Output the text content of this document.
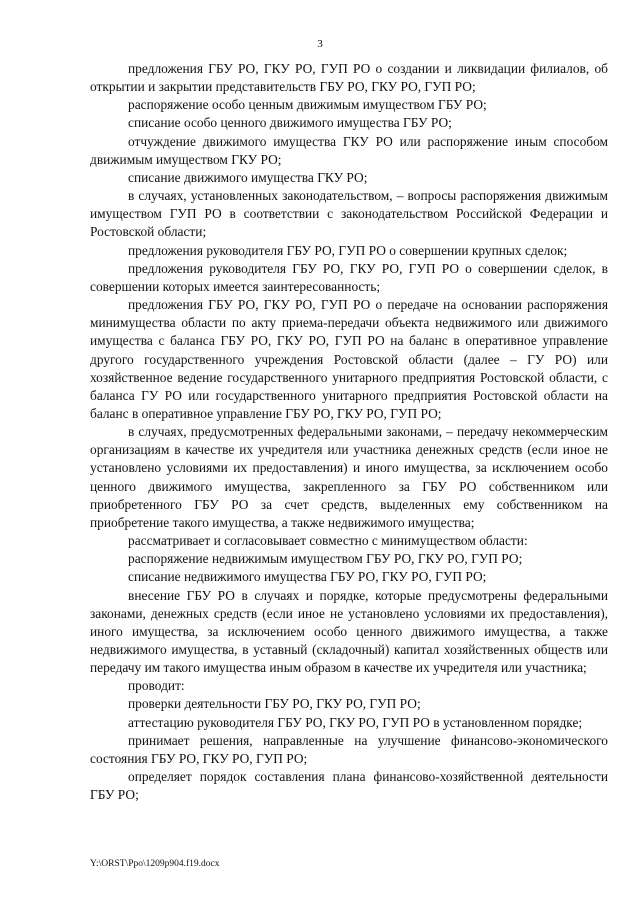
3

предложения ГБУ РО, ГКУ РО, ГУП РО о создании и ликвидации филиалов, об открытии и закрытии представительств ГБУ РО, ГКУ РО, ГУП РО;

распоряжение особо ценным движимым имуществом ГБУ РО;

списание особо ценного движимого имущества ГБУ РО;

отчуждение движимого имущества ГКУ РО или распоряжение иным способом движимым имуществом ГКУ РО;

списание движимого имущества ГКУ РО;

в случаях, установленных законодательством, – вопросы распоряжения движимым имуществом ГУП РО в соответствии с законодательством Российской Федерации и Ростовской области;

предложения руководителя ГБУ РО, ГУП РО о совершении крупных сделок;

предложения руководителя ГБУ РО, ГКУ РО, ГУП РО о совершении сделок, в совершении которых имеется заинтересованность;

предложения ГБУ РО, ГКУ РО, ГУП РО о передаче на основании распоряжения минимущества области по акту приема-передачи объекта недвижимого или движимого имущества с баланса ГБУ РО, ГКУ РО, ГУП РО на баланс в оперативное управление другого государственного учреждения Ростовской области (далее – ГУ РО) или хозяйственное ведение государственного унитарного предприятия Ростовской области, с баланса ГУ РО или государственного унитарного предприятия Ростовской области на баланс в оперативное управление ГБУ РО, ГКУ РО, ГУП РО;

в случаях, предусмотренных федеральными законами, – передачу некоммерческим организациям в качестве их учредителя или участника денежных средств (если иное не установлено условиями их предоставления) и иного имущества, за исключением особо ценного движимого имущества, закрепленного за ГБУ РО собственником или приобретенного ГБУ РО за счет средств, выделенных ему собственником на приобретение такого имущества, а также недвижимого имущества;

рассматривает и согласовывает совместно с минимуществом области:

распоряжение недвижимым имуществом ГБУ РО, ГКУ РО, ГУП РО;

списание недвижимого имущества ГБУ РО, ГКУ РО, ГУП РО;

внесение ГБУ РО в случаях и порядке, которые предусмотрены федеральными законами, денежных средств (если иное не установлено условиями их предоставления), иного имущества, за исключением особо ценного движимого имущества, а также недвижимого имущества, в уставный (складочный) капитал хозяйственных обществ или передачу им такого имущества иным образом в качестве их учредителя или участника;

проводит:

проверки деятельности ГБУ РО, ГКУ РО, ГУП РО;

аттестацию руководителя ГБУ РО, ГКУ РО, ГУП РО в установленном порядке;

принимает решения, направленные на улучшение финансово-экономического состояния ГБУ РО, ГКУ РО, ГУП РО;

определяет порядок составления плана финансово-хозяйственной деятельности ГБУ РО;

Y:\ORST\Ppo\1209p904.f19.docx
